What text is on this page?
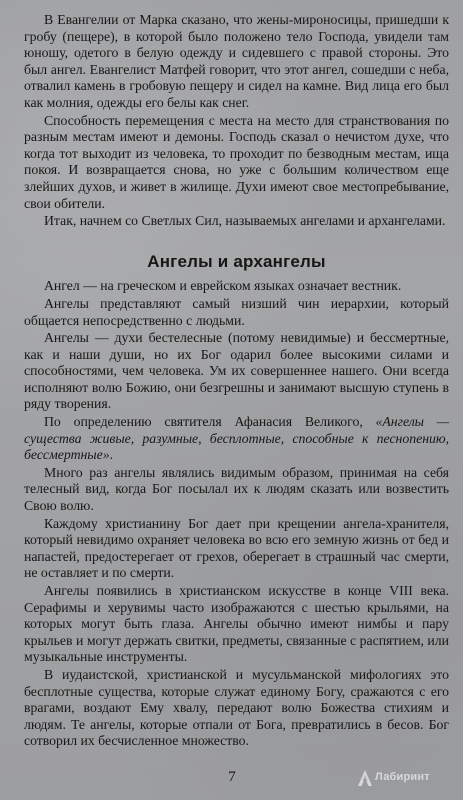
В Евангелии от Марка сказано, что жены-мироносицы, пришедши к гробу (пещере), в которой было положено тело Господа, увидели там юношу, одетого в белую одежду и сидевшего с правой стороны. Это был ангел. Евангелист Матфей говорит, что этот ангел, сошедши с неба, отвалил камень в гробовую пещеру и сидел на камне. Вид лица его был как молния, одежды его белы как снег.

Способность перемещения с места на место для странствования по разным местам имеют и демоны. Господь сказал о нечистом духе, что когда тот выходит из человека, то проходит по безводным местам, ища покоя. И возвращается снова, но уже с большим количеством еще злейших духов, и живет в жилище. Духи имеют свое местопребывание, свои обители.

Итак, начнем со Светлых Сил, называемых ангелами и архангелами.

Ангелы и архангелы

Ангел — на греческом и еврейском языках означает вестник.

Ангелы представляют самый низший чин иерархии, который общается непосредственно с людьми.

Ангелы — духи бестелесные (потому невидимые) и бессмертные, как и наши души, но их Бог одарил более высокими силами и способностями, чем человека. Ум их совершеннее нашего. Они всегда исполняют волю Божию, они безгрешны и занимают высшую ступень в ряду творения.

По определению святителя Афанасия Великого, «Ангелы — существа живые, разумные, бесплотные, способные к песнопению, бессмертные».

Много раз ангелы являлись видимым образом, принимая на себя телесный вид, когда Бог посылал их к людям сказать или возвестить Свою волю.

Каждому христианину Бог дает при крещении ангела-хранителя, который невидимо охраняет человека во всю его земную жизнь от бед и напастей, предостерегает от грехов, оберегает в страшный час смерти, не оставляет и по смерти.

Ангелы появились в христианском искусстве в конце VIII века. Серафимы и херувимы часто изображаются с шестью крыльями, на которых могут быть глаза. Ангелы обычно имеют нимбы и пару крыльев и могут держать свитки, предметы, связанные с распятием, или музыкальные инструменты.

В иудаистской, христианской и мусульманской мифологиях это бесплотные существа, которые служат единому Богу, сражаются с его врагами, воздают Ему хвалу, передают волю Божества стихиям и людям. Те ангелы, которые отпали от Бога, превратились в бесов. Бог сотворил их бесчисленное множество.

7	Лабиринт
